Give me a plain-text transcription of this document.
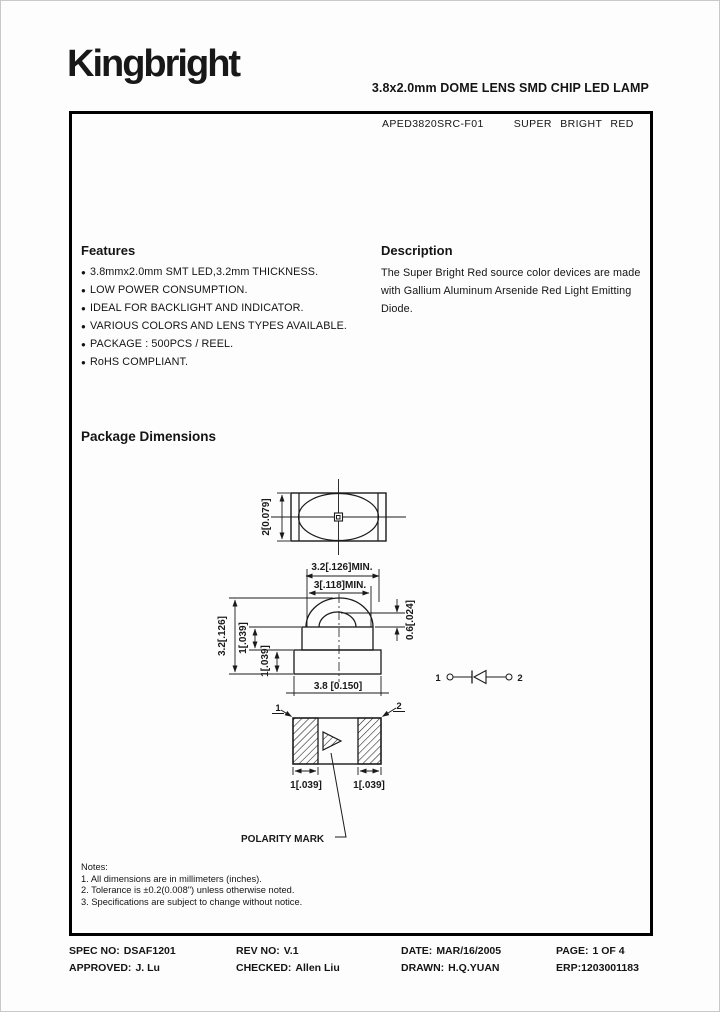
Kingbright
3.8x2.0mm DOME LENS SMD CHIP LED LAMP
APED3820SRC-F01	SUPER BRIGHT RED
Features
● 3.8mmx2.0mm SMT LED,3.2mm THICKNESS.
● LOW POWER CONSUMPTION.
● IDEAL FOR BACKLIGHT AND INDICATOR.
● VARIOUS COLORS AND LENS TYPES AVAILABLE.
● PACKAGE : 500PCS / REEL.
● RoHS COMPLIANT.
Description
The Super Bright Red source color devices are made
with Gallium Aluminum Arsenide Red Light Emitting
Diode.
Package Dimensions
2[0.079]
3.2[.126]MIN.
3[.118]MIN.
3.2[.126] 1[.039]
1[.039]
0.6[.024]
3.8 [0.150]
1	2
1	2
1[.039]	1[.039]
POLARITY MARK
Notes:
1. All dimensions are in millimeters (inches).
2. Tolerance is ±0.2(0.008") unless otherwise noted.
3. Specifications are subject to change without notice.
SPEC NO: DSAF1201	REV NO: V.1	DATE: MAR/16/2005	PAGE: 1 OF 4
APPROVED: J. Lu	CHECKED: Allen Liu	DRAWN: H.Q.YUAN	ERP:1203001183
